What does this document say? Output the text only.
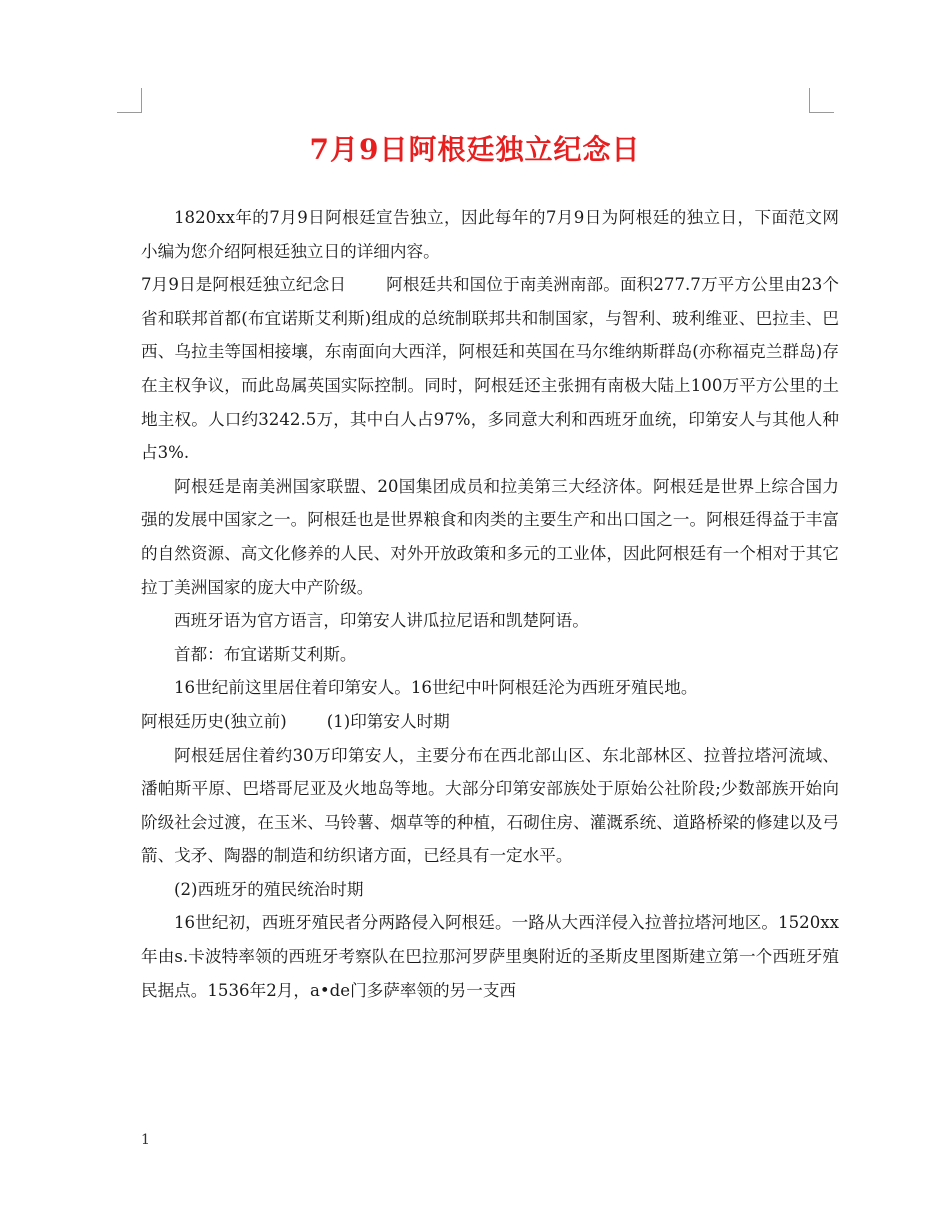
7月9日阿根廷独立纪念日

1820xx年的7月9日阿根廷宣告独立，因此每年的7月9日为阿根廷的独立日，下面范文网小编为您介绍阿根廷独立日的详细内容。

7月9日是阿根廷独立纪念日 阿根廷共和国位于南美洲南部。面积277.7万平方公里由23个省和联邦首都(布宜诺斯艾利斯)组成的总统制联邦共和制国家，与智利、玻利维亚、巴拉圭、巴西、乌拉圭等国相接壤，东南面向大西洋，阿根廷和英国在马尔维纳斯群岛(亦称福克兰群岛)存在主权争议，而此岛属英国实际控制。同时，阿根廷还主张拥有南极大陆上100万平方公里的土地主权。人口约3242.5万，其中白人占97%，多同意大利和西班牙血统，印第安人与其他人种占3%.

阿根廷是南美洲国家联盟、20国集团成员和拉美第三大经济体。阿根廷是世界上综合国力强的发展中国家之一。阿根廷也是世界粮食和肉类的主要生产和出口国之一。阿根廷得益于丰富的自然资源、高文化修养的人民、对外开放政策和多元的工业体，因此阿根廷有一个相对于其它拉丁美洲国家的庞大中产阶级。

西班牙语为官方语言，印第安人讲瓜拉尼语和凯楚阿语。

首都：布宜诺斯艾利斯。

16世纪前这里居住着印第安人。16世纪中叶阿根廷沦为西班牙殖民地。

阿根廷历史(独立前) (1)印第安人时期

阿根廷居住着约30万印第安人，主要分布在西北部山区、东北部林区、拉普拉塔河流域、潘帕斯平原、巴塔哥尼亚及火地岛等地。大部分印第安部族处于原始公社阶段;少数部族开始向阶级社会过渡，在玉米、马铃薯、烟草等的种植，石砌住房、灌溉系统、道路桥梁的修建以及弓箭、戈矛、陶器的制造和纺织诸方面，已经具有一定水平。

(2)西班牙的殖民统治时期

16世纪初，西班牙殖民者分两路侵入阿根廷。一路从大西洋侵入拉普拉塔河地区。1520xx年由s.卡波特率领的西班牙考察队在巴拉那河罗萨里奥附近的圣斯皮里图斯建立第一个西班牙殖民据点。1536年2月，a•de门多萨率领的另一支西

1
